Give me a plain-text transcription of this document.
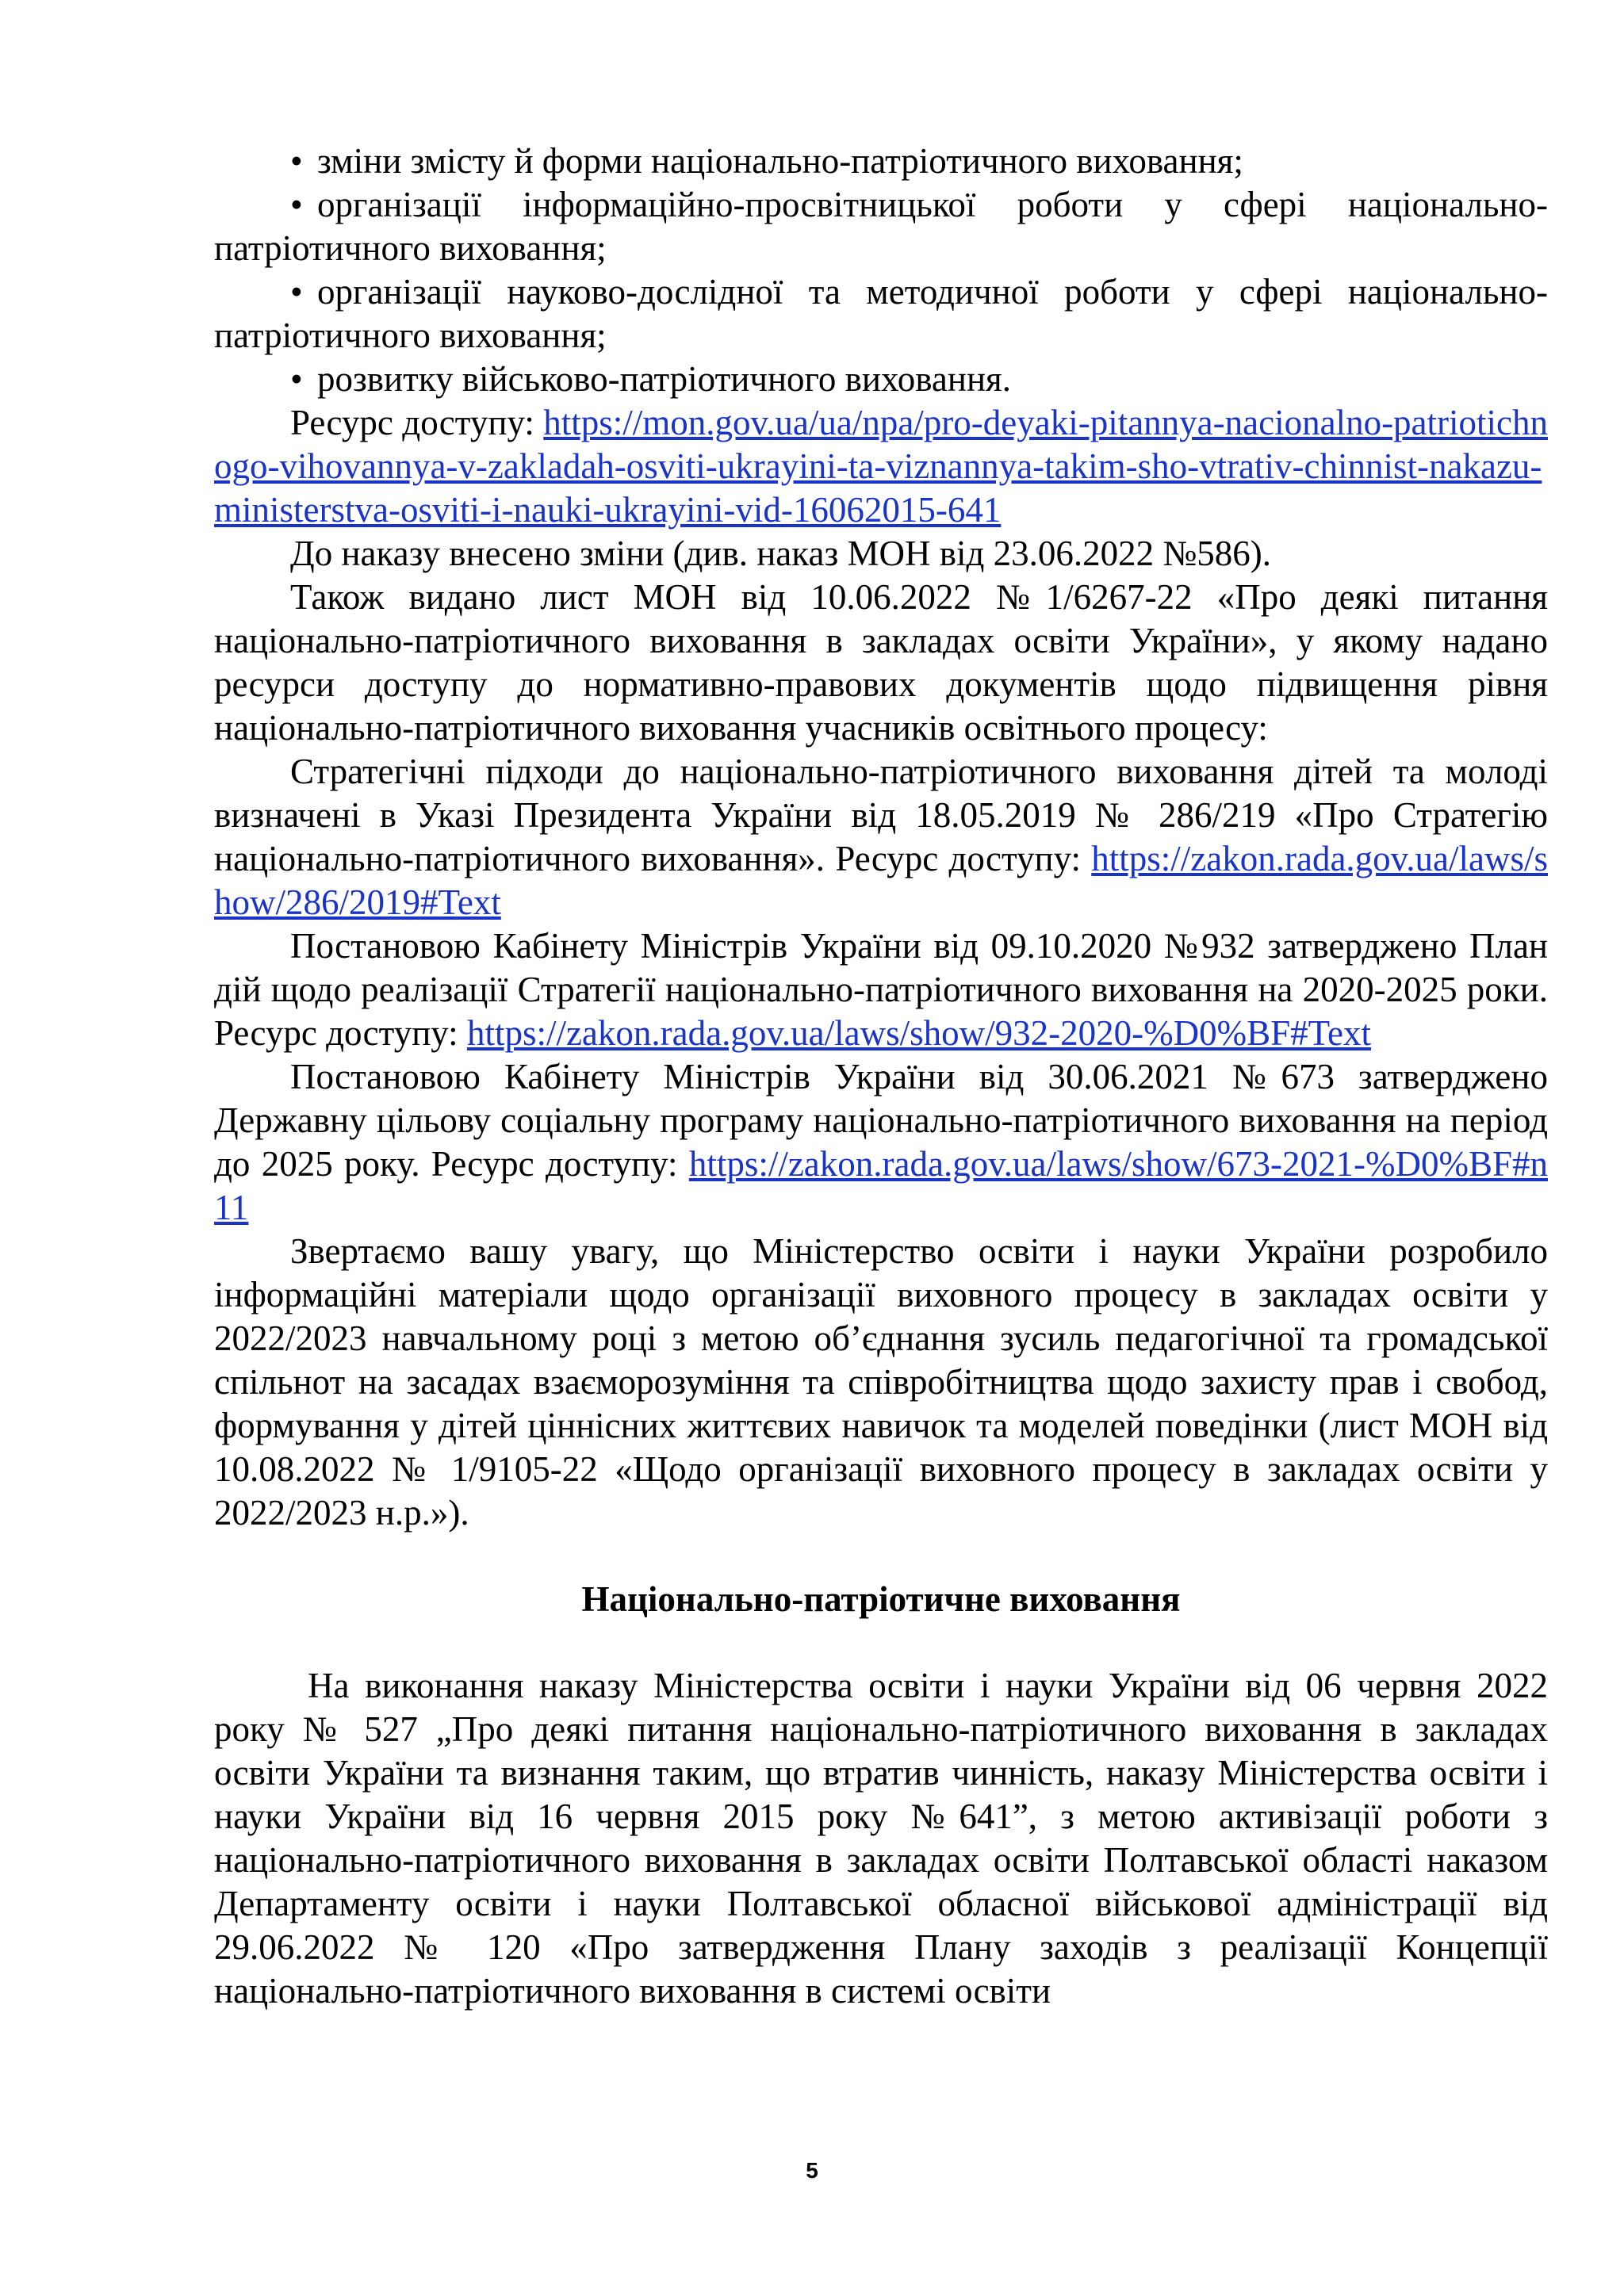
• зміни змісту й форми національно-патріотичного виховання;

• організації інформаційно-просвітницької роботи у сфері національно-патріотичного виховання;

• організації науково-дослідної та методичної роботи у сфері національно-патріотичного виховання;

• розвитку військово-патріотичного виховання.

Ресурс доступу: https://mon.gov.ua/ua/npa/pro-deyaki-pitannya-nacionalno-patriotichnogo-vihovannya-v-zakladah-osviti-ukrayini-ta-viznannya-takim-sho-vtrativ-chinnist-nakazu-ministerstva-osviti-i-nauki-ukrayini-vid-16062015-641

До наказу внесено зміни (див. наказ МОН від 23.06.2022 №586).

Також видано лист МОН від 10.06.2022 №1/6267-22 «Про деякі питання національно-патріотичного виховання в закладах освіти України», у якому надано ресурси доступу до нормативно-правових документів щодо підвищення рівня національно-патріотичного виховання учасників освітнього процесу:

Стратегічні підходи до національно-патріотичного виховання дітей та молоді визначені в Указі Президента України від 18.05.2019 № 286/219 «Про Стратегію національно-патріотичного виховання». Ресурс доступу: https://zakon.rada.gov.ua/laws/show/286/2019#Text

Постановою Кабінету Міністрів України від 09.10.2020 №932 затверджено План дій щодо реалізації Стратегії національно-патріотичного виховання на 2020-2025 роки. Ресурс доступу: https://zakon.rada.gov.ua/laws/show/932-2020-%D0%BF#Text

Постановою Кабінету Міністрів України від 30.06.2021 №673 затверджено Державну цільову соціальну програму національно-патріотичного виховання на період до 2025 року. Ресурс доступу: https://zakon.rada.gov.ua/laws/show/673-2021-%D0%BF#n11

Звертаємо вашу увагу, що Міністерство освіти і науки України розробило інформаційні матеріали щодо організації виховного процесу в закладах освіти у 2022/2023 навчальному році з метою об’єднання зусиль педагогічної та громадської спільнот на засадах взаєморозуміння та співробітництва щодо захисту прав і свобод, формування у дітей ціннісних життєвих навичок та моделей поведінки (лист МОН від 10.08.2022 № 1/9105-22 «Щодо організації виховного процесу в закладах освіти у 2022/2023 н.р.»).

Національно-патріотичне виховання

На виконання наказу Міністерства освіти і науки України від 06 червня 2022 року № 527 „Про деякі питання національно-патріотичного виховання в закладах освіти України та визнання таким, що втратив чинність, наказу Міністерства освіти і науки України від 16 червня 2015 року №641”, з метою активізації роботи з національно-патріотичного виховання в закладах освіти Полтавської області наказом Департаменту освіти і науки Полтавської обласної військової адміністрації від 29.06.2022 № 120 «Про затвердження Плану заходів з реалізації Концепції національно-патріотичного виховання в системі освіти

5
